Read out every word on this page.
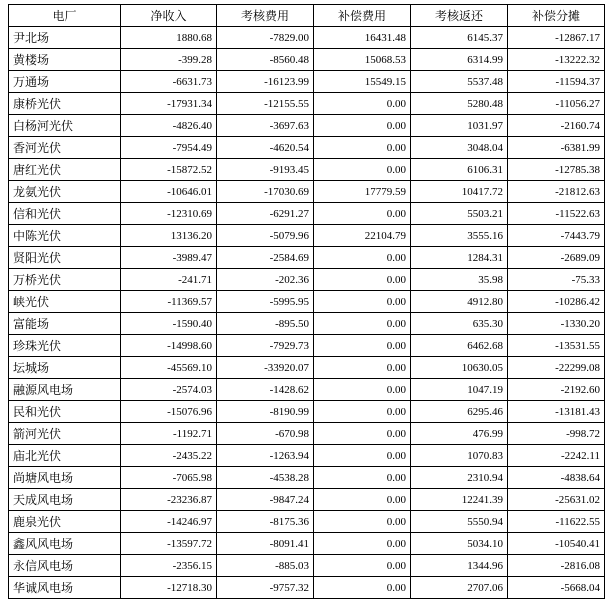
电厂	净收入	考核费用	补偿费用	考核返还	补偿分摊
尹北场	1880.68	-7829.00	16431.48	6145.37	-12867.17
黄楼场	-399.28	-8560.48	15068.53	6314.99	-13222.32
万通场	-6631.73	-16123.99	15549.15	5537.48	-11594.37
康桥光伏	-17931.34	-12155.55	0.00	5280.48	-11056.27
白杨河光伏	-4826.40	-3697.63	0.00	1031.97	-2160.74
香河光伏	-7954.49	-4620.54	0.00	3048.04	-6381.99
唐红光伏	-15872.52	-9193.45	0.00	6106.31	-12785.38
龙氨光伏	-10646.01	-17030.69	17779.59	10417.72	-21812.63
信和光伏	-12310.69	-6291.27	0.00	5503.21	-11522.63
中陈光伏	13136.20	-5079.96	22104.79	3555.16	-7443.79
贤阳光伏	-3989.47	-2584.69	0.00	1284.31	-2689.09
万桥光伏	-241.71	-202.36	0.00	35.98	-75.33
峡光伏	-11369.57	-5995.95	0.00	4912.80	-10286.42
富能场	-1590.40	-895.50	0.00	635.30	-1330.20
珍珠光伏	-14998.60	-7929.73	0.00	6462.68	-13531.55
坛城场	-45569.10	-33920.07	0.00	10630.05	-22299.08
融源风电场	-2574.03	-1428.62	0.00	1047.19	-2192.60
民和光伏	-15076.96	-8190.99	0.00	6295.46	-13181.43
箭河光伏	-1192.71	-670.98	0.00	476.99	-998.72
庙北光伏	-2435.22	-1263.94	0.00	1070.83	-2242.11
尚塘风电场	-7065.98	-4538.28	0.00	2310.94	-4838.64
天成风电场	-23236.87	-9847.24	0.00	12241.39	-25631.02
鹿泉光伏	-14246.97	-8175.36	0.00	5550.94	-11622.55
鑫风风电场	-13597.72	-8091.41	0.00	5034.10	-10540.41
永信风电场	-2356.15	-885.03	0.00	1344.96	-2816.08
华诚风电场	-12718.30	-9757.32	0.00	2707.06	-5668.04
